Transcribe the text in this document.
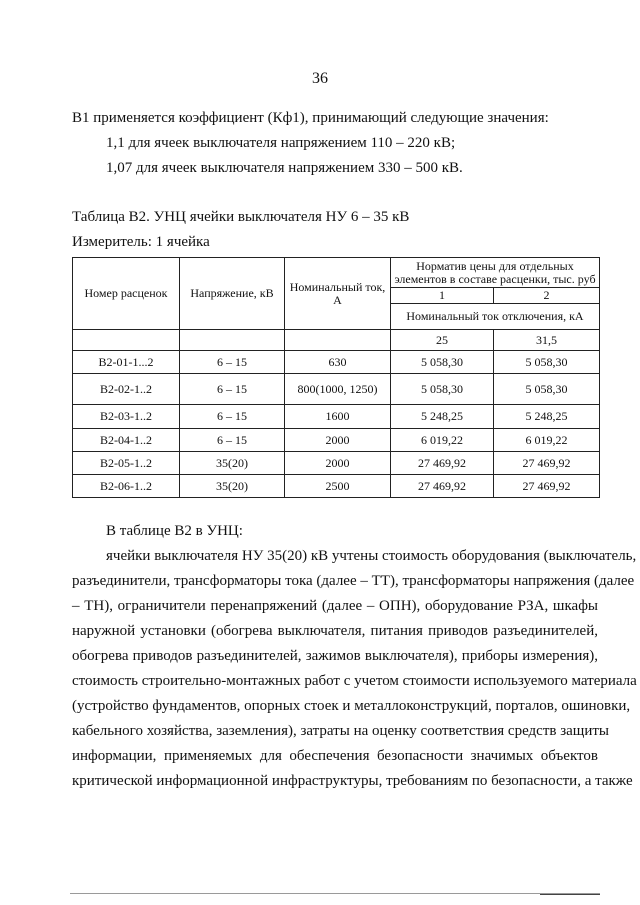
36
В1 применяется коэффициент (Кф1), принимающий следующие значения:
1,1 для ячеек выключателя напряжением 110 – 220 кВ;
1,07 для ячеек выключателя напряжением 330 – 500 кВ.
Таблица В2. УНЦ ячейки выключателя НУ 6 – 35 кВ
Измеритель: 1 ячейка
Номер расценок	Напряжение, кВ	Номинальный ток, А	Норматив цены для отдельных элементов в составе расценки, тыс. руб	
			1	2
			Номинальный ток отключения, кА	
			25	31,5
В2-01-1...2	6 – 15	630	5 058,30	5 058,30
В2-02-1..2	6 – 15	800(1000, 1250)	5 058,30	5 058,30
В2-03-1..2	6 – 15	1600	5 248,25	5 248,25
В2-04-1..2	6 – 15	2000	6 019,22	6 019,22
В2-05-1..2	35(20)	2000	27 469,92	27 469,92
В2-06-1..2	35(20)	2500	27 469,92	27 469,92
В таблице В2 в УНЦ:
ячейки выключателя НУ 35(20) кВ учтены стоимость оборудования (выключатель,
разъединители, трансформаторы тока (далее – ТТ), трансформаторы напряжения (далее
– ТН), ограничители перенапряжений (далее – ОПН), оборудование РЗА, шкафы
наружной установки (обогрева выключателя, питания приводов разъединителей,
обогрева приводов разъединителей, зажимов выключателя), приборы измерения),
стоимость строительно-монтажных работ с учетом стоимости используемого материала
(устройство фундаментов, опорных стоек и металлоконструкций, порталов, ошиновки,
кабельного хозяйства, заземления), затраты на оценку соответствия средств защиты
информации, применяемых для обеспечения безопасности значимых объектов
критической информационной инфраструктуры, требованиям по безопасности, а также
